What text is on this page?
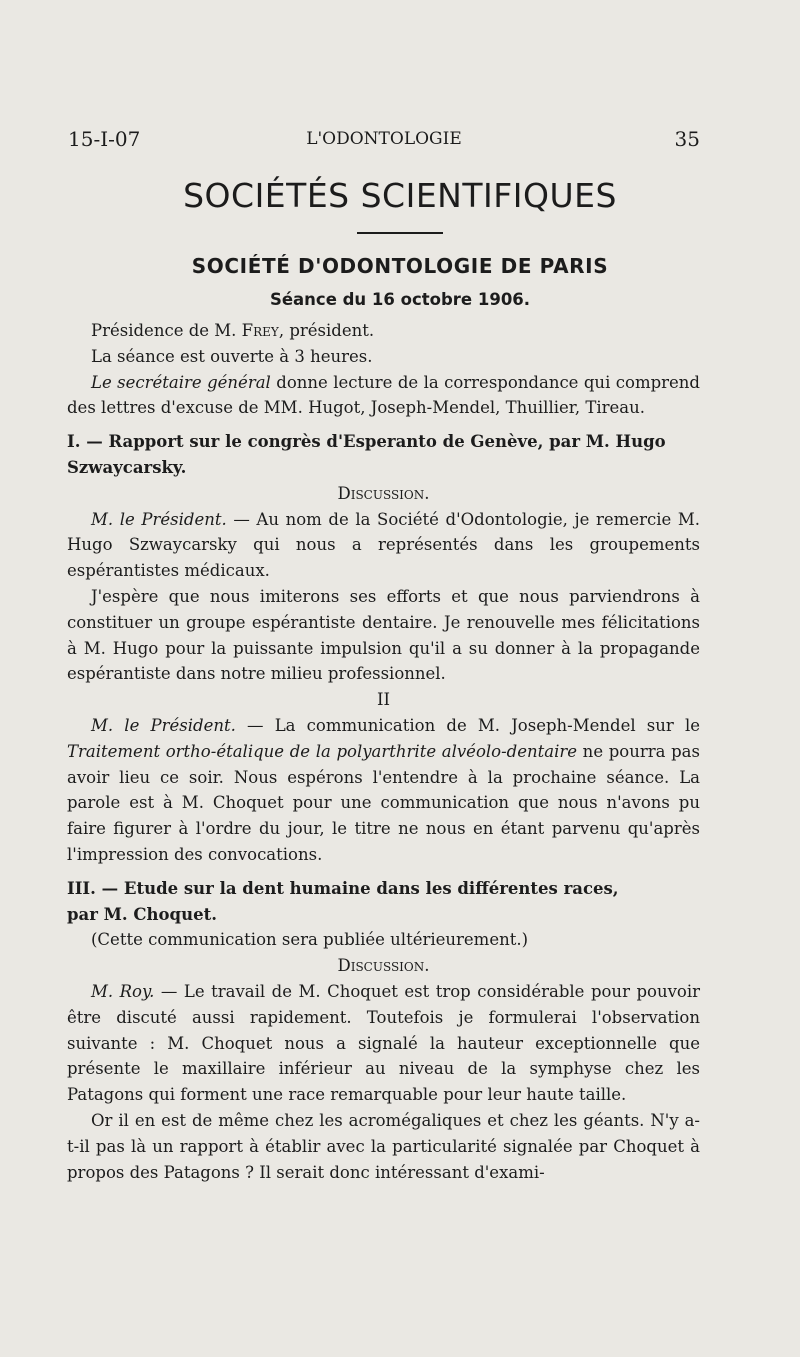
15-I-07	L'ODONTOLOGIE	35
SOCIÉTÉS SCIENTIFIQUES
SOCIÉTÉ D'ODONTOLOGIE DE PARIS
Séance du 16 octobre 1906.

Présidence de M. Frey, président.

La séance est ouverte à 3 heures.

Le secrétaire général donne lecture de la correspondance qui comprend des lettres d'excuse de MM. Hugot, Joseph-Mendel, Thuillier, Tireau.

I. — Rapport sur le congrès d'Esperanto de Genève, par M. Hugo
Szwaycarsky.

Discussion.

M. le Président. — Au nom de la Société d'Odontologie, je remercie M. Hugo Szwaycarsky qui nous a représentés dans les groupements espérantistes médicaux.

J'espère que nous imiterons ses efforts et que nous parviendrons à constituer un groupe espérantiste dentaire. Je renouvelle mes félicitations à M. Hugo pour la puissante impulsion qu'il a su donner à la propagande espérantiste dans notre milieu professionnel.

II

M. le Président. — La communication de M. Joseph-Mendel sur le Traitement ortho-étalique de la polyarthrite alvéolo-dentaire ne pourra pas avoir lieu ce soir. Nous espérons l'entendre à la prochaine séance. La parole est à M. Choquet pour une communication que nous n'avons pu faire figurer à l'ordre du jour, le titre ne nous en étant parvenu qu'après l'impression des convocations.

III. — Etude sur la dent humaine dans les différentes races,
par M. Choquet.

(Cette communication sera publiée ultérieurement.)

Discussion.

M. Roy. — Le travail de M. Choquet est trop considérable pour pouvoir être discuté aussi rapidement. Toutefois je formulerai l'observation suivante : M. Choquet nous a signalé la hauteur exceptionnelle que présente le maxillaire inférieur au niveau de la symphyse chez les Patagons qui forment une race remarquable pour leur haute taille.

Or il en est de même chez les acromégaliques et chez les géants. N'y a-t-il pas là un rapport à établir avec la particularité signalée par Choquet à propos des Patagons ? Il serait donc intéressant d'exami-
